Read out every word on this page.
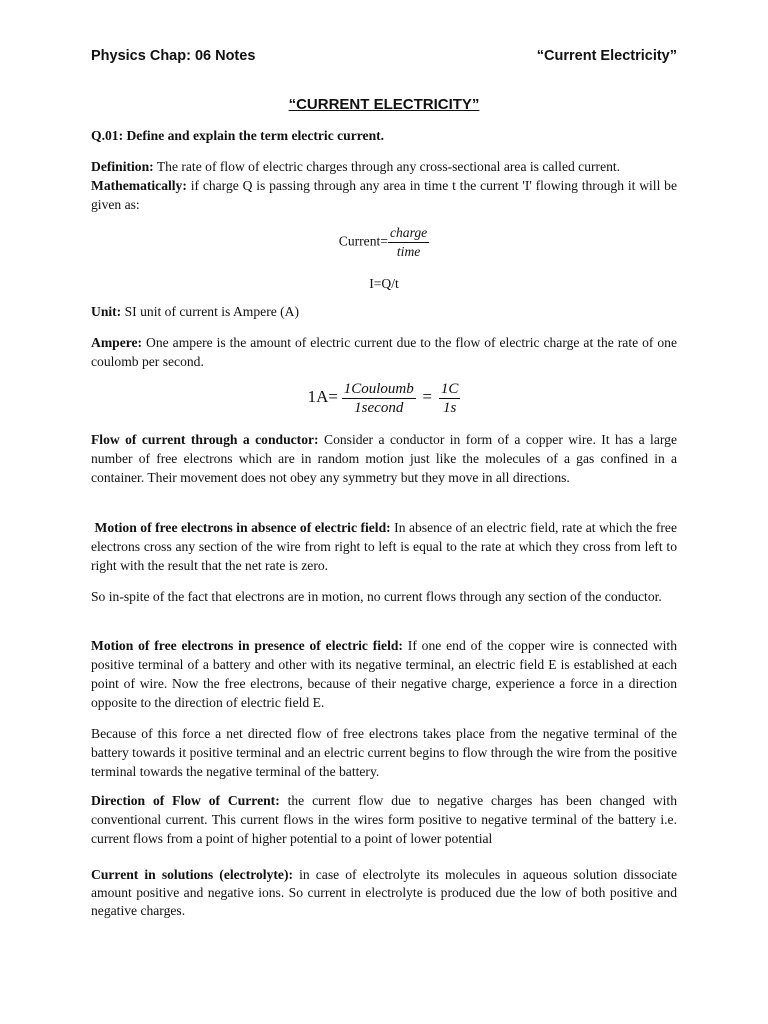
Physics Chap: 06 Notes	“Current Electricity”
“CURRENT ELECTRICITY”

Q.01: Define and explain the term electric current.

Definition: The rate of flow of electric charges through any cross-sectional area is called current.

Mathematically: if charge Q is passing through any area in time t the current 'I' flowing through it will be given as:

Current= $\frac{\text{charge}}{\text{time}}$

I=Q/t

Unit: SI unit of current is Ampere (A)

Ampere: One ampere is the amount of electric current due to the flow of electric charge at the rate of one coulomb per second.

$1A= \frac{\text{1Couloumb}}{\text{1second}} = \frac{1C}{1s}$

Flow of current through a conductor: Consider a conductor in form of a copper wire. It has a large number of free electrons which are in random motion just like the molecules of a gas confined in a container. Their movement does not obey any symmetry but they move in all directions.

Motion of free electrons in absence of electric field: In absence of an electric field, rate at which the free electrons cross any section of the wire from right to left is equal to the rate at which they cross from left to right with the result that the net rate is zero.

So in-spite of the fact that electrons are in motion, no current flows through any section of the conductor.

Motion of free electrons in presence of electric field: If one end of the copper wire is connected with positive terminal of a battery and other with its negative terminal, an electric field E is established at each point of wire. Now the free electrons, because of their negative charge, experience a force in a direction opposite to the direction of electric field E.

Because of this force a net directed flow of free electrons takes place from the negative terminal of the battery towards it positive terminal and an electric current begins to flow through the wire from the positive terminal towards the negative terminal of the battery.

Direction of Flow of Current: the current flow due to negative charges has been changed with conventional current. This current flows in the wires form positive to negative terminal of the battery i.e. current flows from a point of higher potential to a point of lower potential

Current in solutions (electrolyte): in case of electrolyte its molecules in aqueous solution dissociate amount positive and negative ions. So current in electrolyte is produced due the low of both positive and negative charges.
